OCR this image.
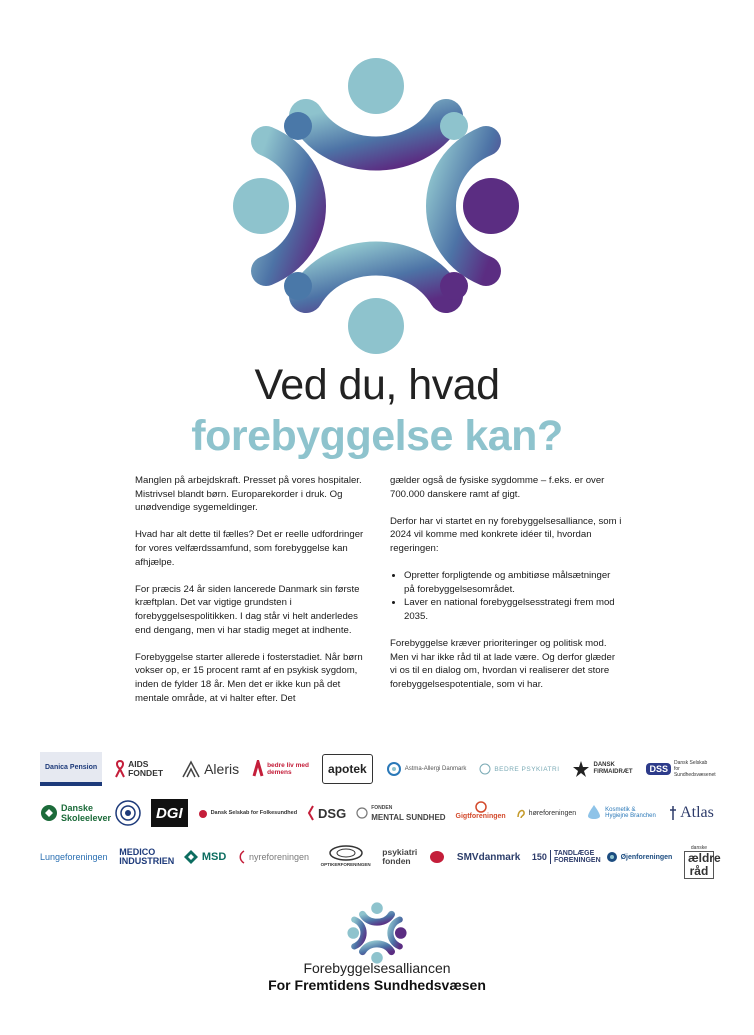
Ved du, hvad
forebyggelse kan?

Manglen på arbejdskraft. Presset på vores hospitaler. Mistrivsel blandt børn. Europarekorder i druk. Og unødvendige sygemeldinger.

Hvad har alt dette til fælles? Det er reelle udfordringer for vores velfærdssamfund, som forebyggelse kan afhjælpe.

For præcis 24 år siden lancerede Danmark sin første kræftplan. Det var vigtige grundsten i forebyggelsespolitikken. I dag står vi helt anderledes end dengang, men vi har stadig meget at indhente.

Forebyggelse starter allerede i fosterstadiet. Når børn vokser op, er 15 procent ramt af en psykisk sygdom, inden de fylder 18 år. Men det er ikke kun på det mentale område, at vi halter efter. Det

gælder også de fysiske sygdomme – f.eks. er over 700.000 danskere ramt af gigt.

Derfor har vi startet en ny forebyggelsesalliance, som i 2024 vil komme med konkrete idéer til, hvordan regeringen:

• Opretter forpligtende og ambitiøse målsætninger på forebyggelsesområdet.
• Laver en national forebyggelsesstrategi frem mod 2035.

Forebyggelse kræver prioriteringer og politisk mod. Men vi har ikke råd til at lade være. Og derfor glæder vi os til en dialog om, hvordan vi realiserer det store forebyggelsespotentiale, som vi har.

Danica Pension	AIDS FONDET	Aleris	bedre liv med demens	apotek	Astma-Allergi Danmark	BEDRE PSYKIATRI
DANSK FIRMAIDRÆT	DSS
Dansk Selskab for Sundhedsvæsenet
Danske Skoleelever	DGI	Dansk Selskab for Folkesundhed DSG	FONDEN
MENTAL SUNDHED Gigtforeningen	høreforeningen	Kosmetik & Hygiejne Branchen Atlas
Lungeforeningen MEDICO INDUSTRIEN	MSD	nyreforeningen
OPTIKERFORENINGEN
psykiatri fonden	SMVdanmark 150	TANDLÆGE FORENINGEN	Øjenforeningen
danske
ældre råd
Forebyggelsesalliancen
For Fremtidens Sundhedsvæsen
